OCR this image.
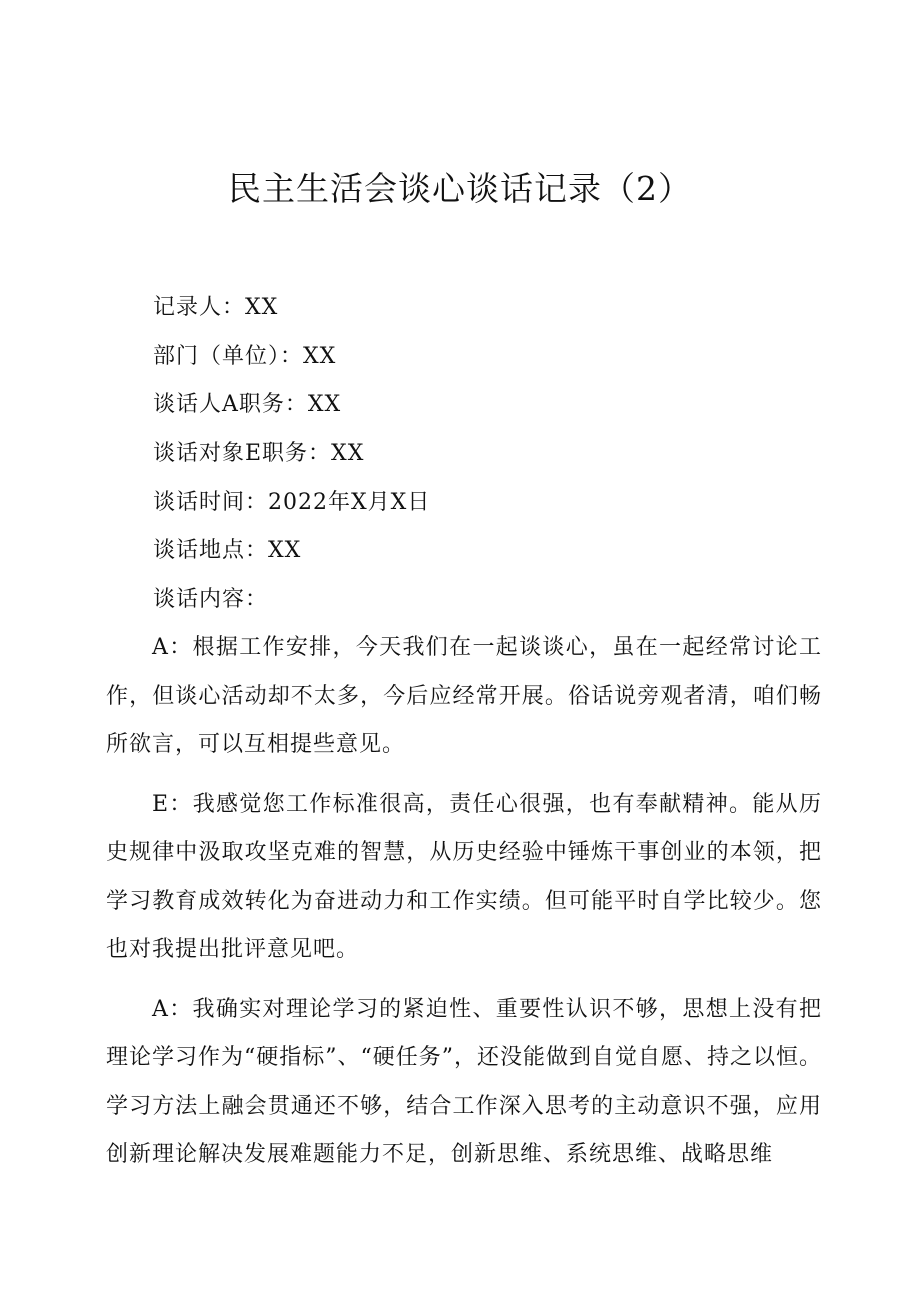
民主生活会谈心谈话记录（2）
记录人：XX
部门（单位）：XX
谈话人A职务：XX
谈话对象E职务：XX
谈话时间：2022年X月X日
谈话地点：XX
谈话内容：

A：根据工作安排，今天我们在一起谈谈心，虽在一起经常讨论工作，但谈心活动却不太多，今后应经常开展。俗话说旁观者清，咱们畅所欲言，可以互相提些意见。

E：我感觉您工作标准很高，责任心很强，也有奉献精神。能从历史规律中汲取攻坚克难的智慧，从历史经验中锤炼干事创业的本领，把学习教育成效转化为奋进动力和工作实绩。但可能平时自学比较少。您也对我提出批评意见吧。

A：我确实对理论学习的紧迫性、重要性认识不够，思想上没有把理论学习作为“硬指标”、“硬任务”，还没能做到自觉自愿、持之以恒。学习方法上融会贯通还不够，结合工作深入思考的主动意识不强，应用创新理论解决发展难题能力不足，创新思维、系统思维、战略思维
